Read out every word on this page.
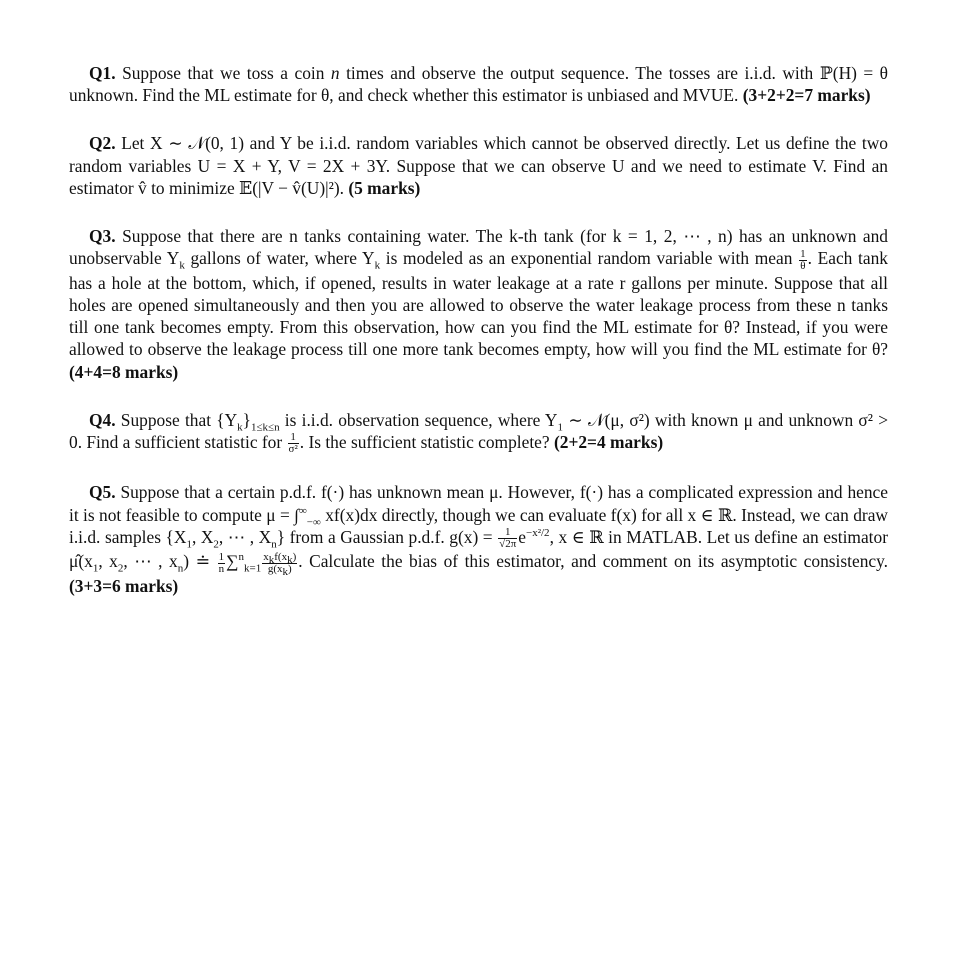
Q1. Suppose that we toss a coin n times and observe the output sequence. The tosses are i.i.d. with ℙ(H) = θ unknown. Find the ML estimate for θ, and check whether this estimator is unbiased and MVUE. (3+2+2=7 marks)

Q2. Let X ∼ 𝒩(0, 1) and Y be i.i.d. random variables which cannot be observed directly. Let us define the two random variables U = X + Y, V = 2X + 3Y. Suppose that we can observe U and we need to estimate V. Find an estimator v̂ to minimize 𝔼(|V − v̂(U)|²). (5 marks)

Q3. Suppose that there are n tanks containing water. The k-th tank (for k = 1, 2, ⋯ , n) has an unknown and unobservable $Y_k$ gallons of water, where $Y_k$ is modeled as an exponential random variable with mean $\frac{1}{\theta}$ . Each tank has a hole at the bottom, which, if opened, results in water leakage at a rate r gallons per minute. Suppose that all holes are opened simultaneously and then you are allowed to observe the water leakage process from these n tanks till one tank becomes empty. From this observation, how can you find the ML estimate for θ? Instead, if you were allowed to observe the leakage process till one more tank becomes empty, how will you find the ML estimate for θ? (4+4=8 marks)

Q4. Suppose that $\{Y_k\}_{1\le k\le n}$ is i.i.d. observation sequence, where $Y_1$ ∼ 𝒩(μ, σ²) with known μ and unknown σ² > 0. Find a sufficient statistic for $\frac{1}{\text{σ²}}$ . Is the sufficient statistic complete? (2+2=4 marks)

Q5. Suppose that a certain p.d.f. f(·) has unknown mean μ. However, f(·) has a complicated expression and hence it is not feasible to compute $\mu = \int^\infty_{-\infty}$ xf(x)dx directly, though we can evaluate f(x) for all x ∈ ℝ. Instead, we can draw i.i.d. samples {$X_1$, $X_2$, ⋯ , $X_n$} from a Gaussian p.d.f. $g(x) = \frac{1}{√2\pi} e^{-x^2/2}$, x ∈ ℝ in MATLAB. Let us define an estimator $\mû(x_1$, $x_2$, ⋯ , $x_n$) ≐ $\frac{1}{n} \sum^n_{k=1} \frac{x_kf(x_k)}{g(x_k)}$ . Calculate the bias of this estimator, and comment on its asymptotic consistency. (3+3=6 marks)
